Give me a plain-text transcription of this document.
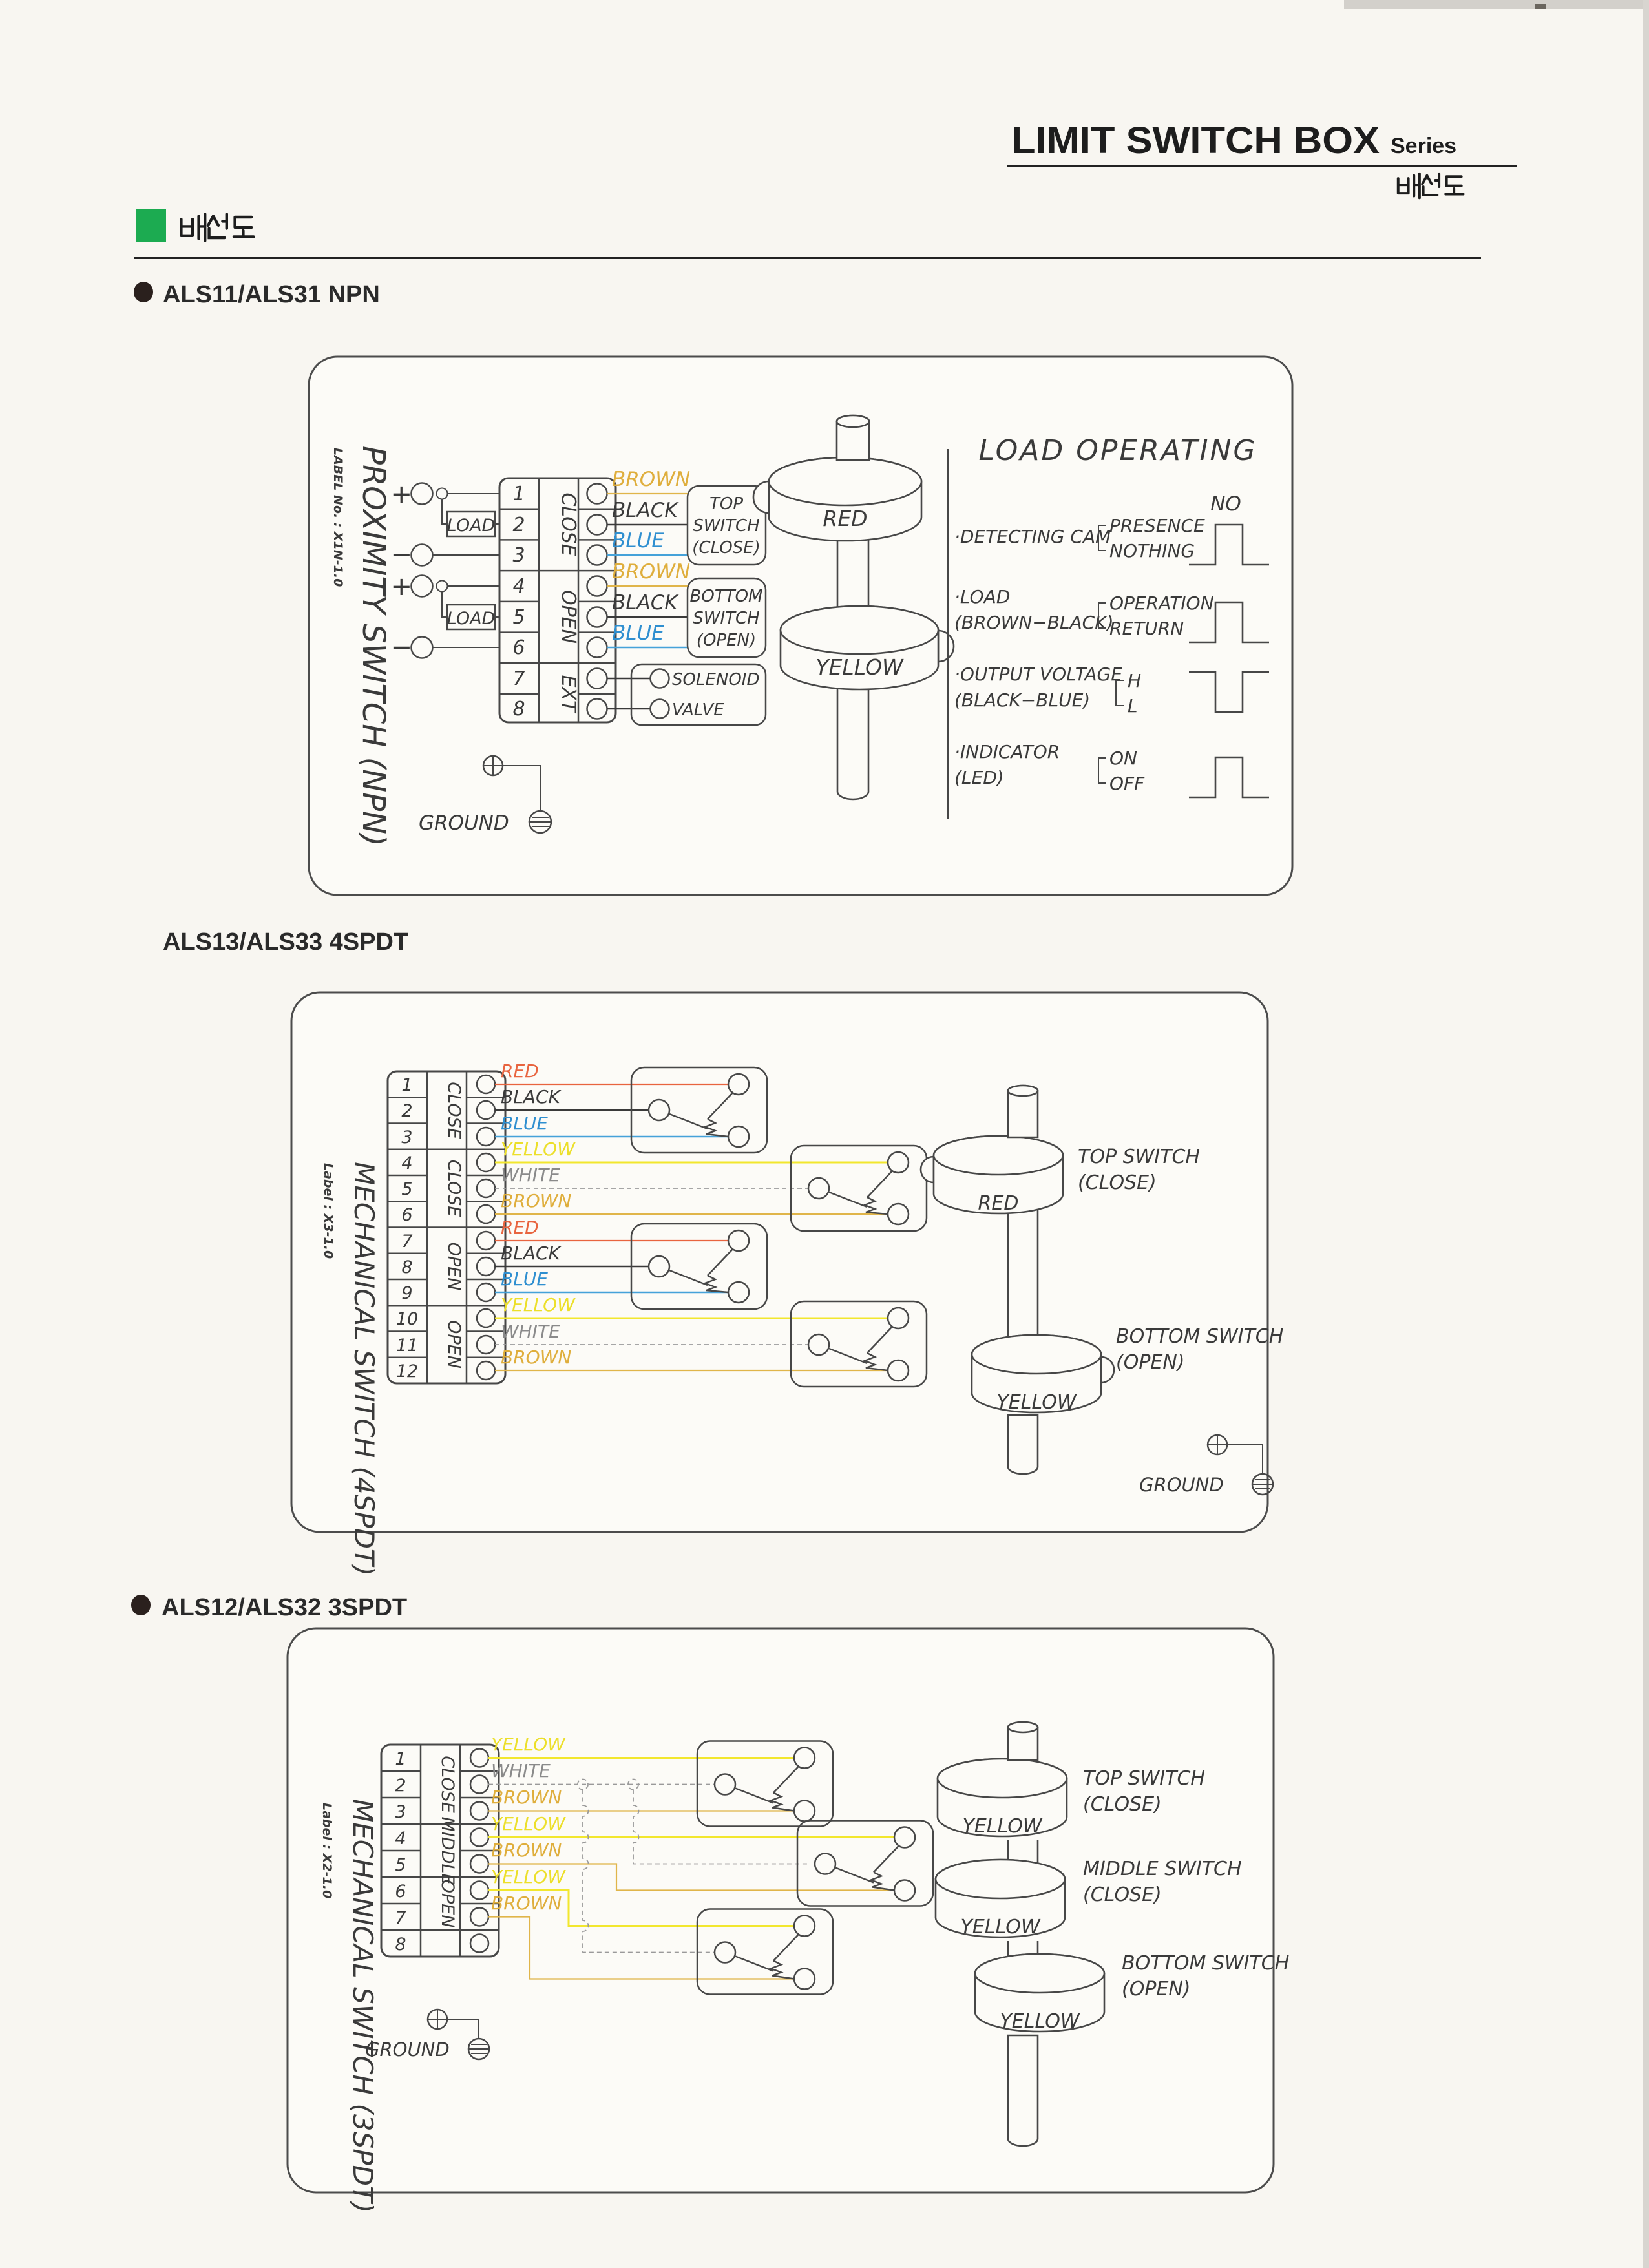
LIMIT SWITCH BOX Series
ALS11/ALS31 NPN
LABEL No. : X1N-1.0 PROXIMITY SWITCH (NPN)
+
LOAD
−
+
LOAD
−
1
2
3
4
5
6
7
8
CLOSE
OPEN
EXT
BROWN
BLACK
BLUE
BROWN
BLACK
BLUE
TOP
SWITCH
(CLOSE)
BOTTOM
SWITCH
(OPEN)
SOLENOID
VALVE
GROUND
RED
YELLOW
LOAD OPERATING
NO
·DETECTING CAM
PRESENCE
NOTHING
·LOAD
(BROWN−BLACK)
OPERATION
RETURN
·OUTPUT VOLTAGE
(BLACK−BLUE)
H
L
·INDICATOR
(LED)
ON
OFF
ALS13/ALS33 4SPDT
Label : X3-1.0 MECHANICAL SWITCH (4SPDT)
1
2
3
4
5
6
7
8
9
10
11
12
CLOSE
CLOSE
OPEN
OPEN
RED
BLACK
BLUE
YELLOW
WHITE
BROWN
RED
BLACK
BLUE
YELLOW
WHITE
BROWN
RED
YELLOW
TOP SWITCH
(CLOSE)
BOTTOM SWITCH
(OPEN)
GROUND
ALS12/ALS32 3SPDT
Label : X2-1.0 MECHANICAL SWITCH (3SPDT)
1
2
3
4
5
6
7
8
CLOSE
MIDDLE
OPEN
YELLOW
WHITE
BROWN
YELLOW
BROWN
YELLOW
BROWN
YELLOW
YELLOW
YELLOW
TOP SWITCH
(CLOSE)
MIDDLE SWITCH
(CLOSE)
BOTTOM SWITCH
(OPEN)
GROUND
